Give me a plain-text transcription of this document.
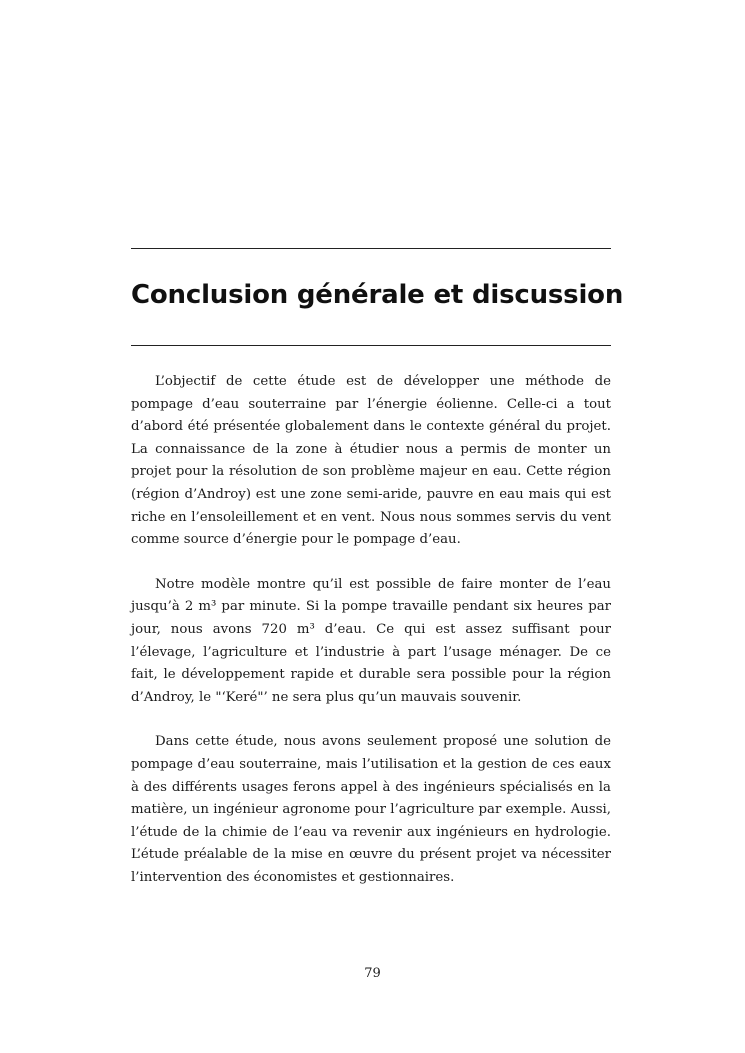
Conclusion générale et discussion

L’objectif de cette étude est de développer une méthode de pompage d’eau souterraine par l’énergie éolienne. Celle-ci a tout d’abord été présentée globalement dans le contexte général du projet. La connaissance de la zone à étudier nous a permis de monter un projet pour la résolution de son problème majeur en eau. Cette région (région d’Androy) est une zone semi-aride, pauvre en eau mais qui est riche en l’ensoleillement et en vent. Nous nous sommes servis du vent comme source d’énergie pour le pompage d’eau.

Notre modèle montre qu’il est possible de faire monter de l’eau jusqu’à 2 m³ par minute. Si la pompe travaille pendant six heures par jour, nous avons 720 m³ d’eau. Ce qui est assez suffisant pour l’élevage, l’agriculture et l’industrie à part l’usage ménager. De ce fait, le développement rapide et durable sera possible pour la région d’Androy, le "‘Keré"’ ne sera plus qu’un mauvais souvenir.

Dans cette étude, nous avons seulement proposé une solution de pompage d’eau souterraine, mais l’utilisation et la gestion de ces eaux à des différents usages ferons appel à des ingénieurs spécialisés en la matière, un ingénieur agronome pour l’agriculture par exemple. Aussi, l’étude de la chimie de l’eau va revenir aux ingénieurs en hydrologie. L’étude préalable de la mise en œuvre du présent projet va nécessiter l’intervention des économistes et gestionnaires.

79
